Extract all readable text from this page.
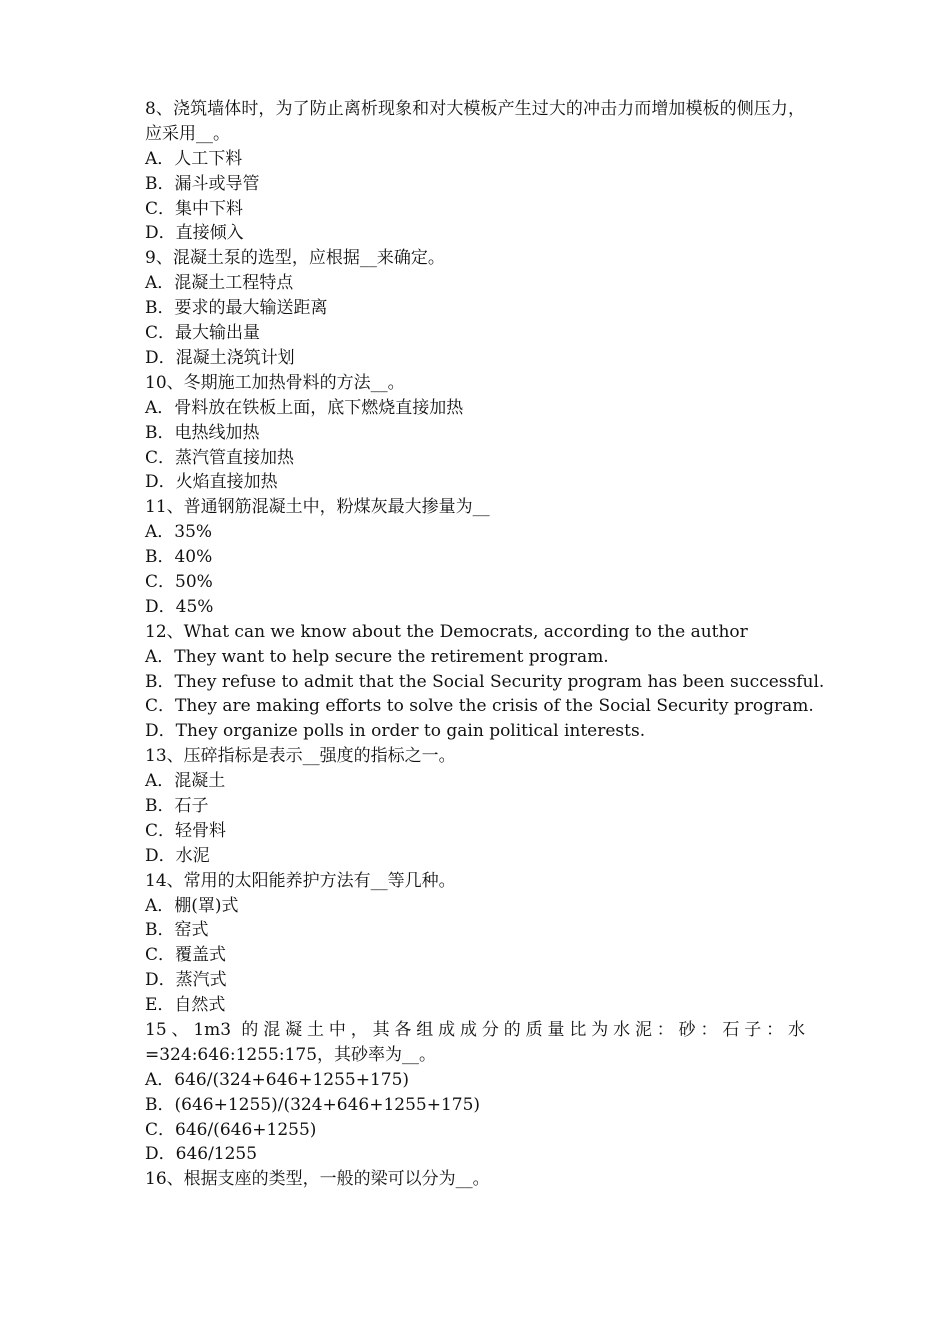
8、浇筑墙体时，为了防止离析现象和对大模板产生过大的冲击力而增加模板的侧压力，应采用__。
A．人工下料
B．漏斗或导管
C．集中下料
D．直接倾入
9、混凝土泵的选型，应根据__来确定。
A．混凝土工程特点
B．要求的最大输送距离
C．最大输出量
D．混凝土浇筑计划
10、冬期施工加热骨料的方法__。
A．骨料放在铁板上面，底下燃烧直接加热
B．电热线加热
C．蒸汽管直接加热
D．火焰直接加热
11、普通钢筋混凝土中，粉煤灰最大掺量为__
A．35%
B．40%
C．50%
D．45%
12、What can we know about the Democrats, according to the author
A．They want to help secure the retirement program.
B．They refuse to admit that the Social Security program has been successful.
C．They are making efforts to solve the crisis of the Social Security program.
D．They organize polls in order to gain political interests.
13、压碎指标是表示__强度的指标之一。
A．混凝土
B．石子
C．轻骨料
D．水泥
14、常用的太阳能养护方法有__等几种。
A．棚(罩)式
B．窑式
C．覆盖式
D．蒸汽式
E．自然式
15、1m3 的混凝土中，其各组成成分的质量比为水泥：砂：石子：水=324:646:1255:175，其砂率为__。
A．646/(324+646+1255+175)
B．(646+1255)/(324+646+1255+175)
C．646/(646+1255)
D．646/1255
16、根据支座的类型，一般的梁可以分为__。
